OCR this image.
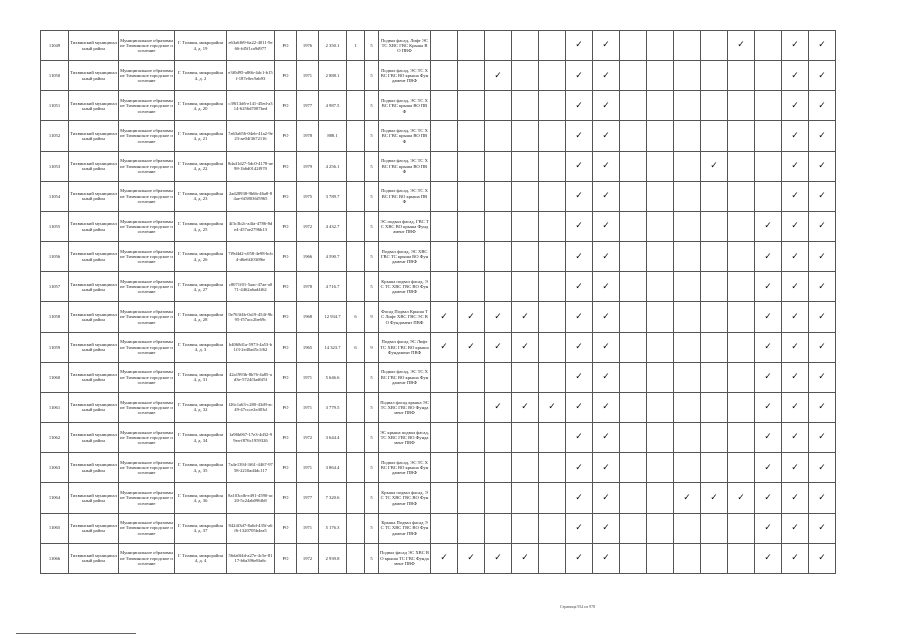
11049	Тихвинский муниципальный район	Муниципальное образование Тихвинское городское поселение	Г. Тихвин, микрорайон 4, д. 19	e63a6f69-6a22-4011-9e66-fd5f1ca9d977	РО	1976	2 350.1	1	5	Подвал фасад, Лифт ЭС ТС ХВС ГВС Крыша ВО ПВФ						✓	✓					✓		✓	✓
11050	Тихвинский муниципальный район	Муниципальное образование Тихвинское городское поселение	Г. Тихвин, микрорайон 4, д. 2	e3f0d95-a86b-4dc1-b15f-187e0ec9ab93	РО	1971	2 888.1		5	Подвал фасад, ЭС ТС ХВС ГВС ВО крыша Фундамент ПВФ			✓			✓	✓							✓	✓
11051	Тихвинский муниципальный район	Муниципальное образование Тихвинское городское поселение	Г. Тихвин, микрорайон 4, д. 20	c39f13d6-e141-45ed-a314-6256d7087bed	РО	1977	4 987.5		5	Подвал фасад, ЭС ТС ХВС ГВС крыша ВО ПВФ						✓	✓							✓	✓
11052	Тихвинский муниципальный район	Муниципальное образование Тихвинское городское поселение	Г. Тихвин, микрорайон 4, д. 21	7a63a656-04eb-41a2-9e23-ae04f3672116	РО	1978	888.1		5	Подвал фасад, ЭС ТС ХВС ГВС крыша ВО ПВФ						✓	✓							✓	✓
11053	Тихвинский муниципальный район	Муниципальное образование Тихвинское городское поселение	Г. Тихвин, микрорайон 4, д. 22	8da41d27-5dc0-4178-ae98-1b6d0142f970	РО	1979	4 256.1		5	Подвал фасад, ЭС ТС ХВС ГВС крыша ВО ПВФ						✓	✓				✓			✓	✓
11054	Тихвинский муниципальный район	Муниципальное образование Тихвинское городское поселение	Г. Тихвин, микрорайон 4, д. 23	2ad28938-9b6b-46a8-84ae-6f58036f5965	РО	1975	3 789.7		5	Подвал фасад, ЭС ТС ХВС ГВС ВО крыша ПВФ						✓	✓							✓	✓
11055	Тихвинский муниципальный район	Муниципальное образование Тихвинское городское поселение	Г. Тихвин, микрорайон 4, д. 25	4f3c3b2c-a4fa-4786-8de4-457ae2796b13	РО	1972	4 432.7		5	ЭС подвал фасад, ГВС ТС ХВС ВО крыша Фундамент ПВФ						✓	✓						✓	✓	✓
11056	Тихвинский муниципальный район	Муниципальное образование Тихвинское городское поселение	Г. Тихвин, микрорайон 4, д. 26	7f9d4d2-c058-4e98-bcb4-d6e6f203f86e	РО	1966	4 590.7		5	Подвал фасад, ЭС ХВС ГВС ТС крыша ВО Фундамент ПВФ						✓	✓						✓	✓	✓
11057	Тихвинский муниципальный район	Муниципальное образование Тихвинское городское поселение	Г. Тихвин, микрорайон 4, д. 27	c8071f01-5aac-47ae-a071-4462a6ad4f62	РО	1978	4 716.7		5	Крыша подвал фасад, ЭС ТС ХВС ГВС ВО Фундамент ПВФ						✓	✓						✓	✓	✓
11058	Тихвинский муниципальный район	Муниципальное образование Тихвинское городское поселение	Г. Тихвин, микрорайон 4, д. 28	0e763f4b-0a19-454f-9b95-f57acc2be69c	РО	1968	12 934.7	6	9	Фасад Подвал Крыша ТС Лифт ХВС ГВС ЭС ВО Фундамент ПВФ	✓	✓	✓	✓		✓	✓						✓	✓	✓
11059	Тихвинский муниципальный район	Муниципальное образование Тихвинское городское поселение	Г. Тихвин, микрорайон 4, д. 3	b4068d1a-5973-4a53-b1f3-2e40ad5c1f62	РО	1965	14 323.7	6	9	Подвал фасад ЭС Лифт ТС ХВС ГВС ВО крыша Фундамент ПВФ	✓	✓	✓	✓		✓	✓						✓	✓	✓
11060	Тихвинский муниципальный район	Муниципальное образование Тихвинское городское поселение	Г. Тихвин, микрорайон 4, д. 31	42a1993b-8b76-4a85-ad3e-5724f3ad6f5f	РО	1971	5 646.6		5	Подвал фасад, ЭС ТС ХВС ГВС ВО крыша Фундамент ПВФ						✓	✓						✓	✓	✓
11061	Тихвинский муниципальный район	Муниципальное образование Тихвинское городское поселение	Г. Тихвин, микрорайон 4, д. 32	f26c1a63-c280-43d9-ac49-47ccce2e403d	РО	1971	3 779.5		5	Подвал фасад крыша ЭС ТС ХВС ГВС ВО Фундамент ПВФ			✓	✓	✓	✓	✓						✓	✓	✓
11062	Тихвинский муниципальный район	Муниципальное образование Тихвинское городское поселение	Г. Тихвин, микрорайон 4, д. 34	1a96b067-17e3-4d32-99ea-f876c1959326	РО	1972	3 644.4		5	ЭС крыша подвал фасад, ТС ХВС ГВС ВО Фундамент ПВФ						✓	✓						✓	✓	✓
11063	Тихвинский муниципальный район	Муниципальное образование Тихвинское городское поселение	Г. Тихвин, микрорайон 4, д. 35	7a4e1394-3f61-4467-9758-2210ad4dc117	РО	1971	3 864.4		5	Подвал фасад, ЭС ТС ХВС ГВС ВО крыша Фундамент ПВФ						✓	✓						✓	✓	✓
11064	Тихвинский муниципальный район	Муниципальное образование Тихвинское городское поселение	Г. Тихвин, микрорайон 4, д. 36	8a103cdb-e491-4590-ac20-5c24ab096fb8	РО	1977	7 320.6		5	Крыша подвал фасад, ЭС ТС ХВС ГВС ВО Фундамент ПВФ						✓	✓			✓	✓	✓	✓	✓	✓
11065	Тихвинский муниципальный район	Муниципальное образование Тихвинское городское поселение	Г. Тихвин, микрорайон 4, д. 37	8424f3d7-8a6d-435f-a6f6-1320705b4ea5	РО	1971	5 176.3		5	Крыша Подвал фасад ЭС ТС ХВС ГВС ВО Фундамент ПВФ						✓	✓						✓	✓	✓
11066	Тихвинский муниципальный район	Муниципальное образование Тихвинское городское поселение	Г. Тихвин, микрорайон 4, д. 4	56da0f4d-a27e-4c5e-8117-b6a396e8fa6c	РО	1972	2 939.8		5	Подвал фасад ЭС ХВС ВО крыша ТС ГВС Фундамент ПВФ	✓	✓	✓	✓		✓	✓						✓	✓	✓
Страница 932 из 978
